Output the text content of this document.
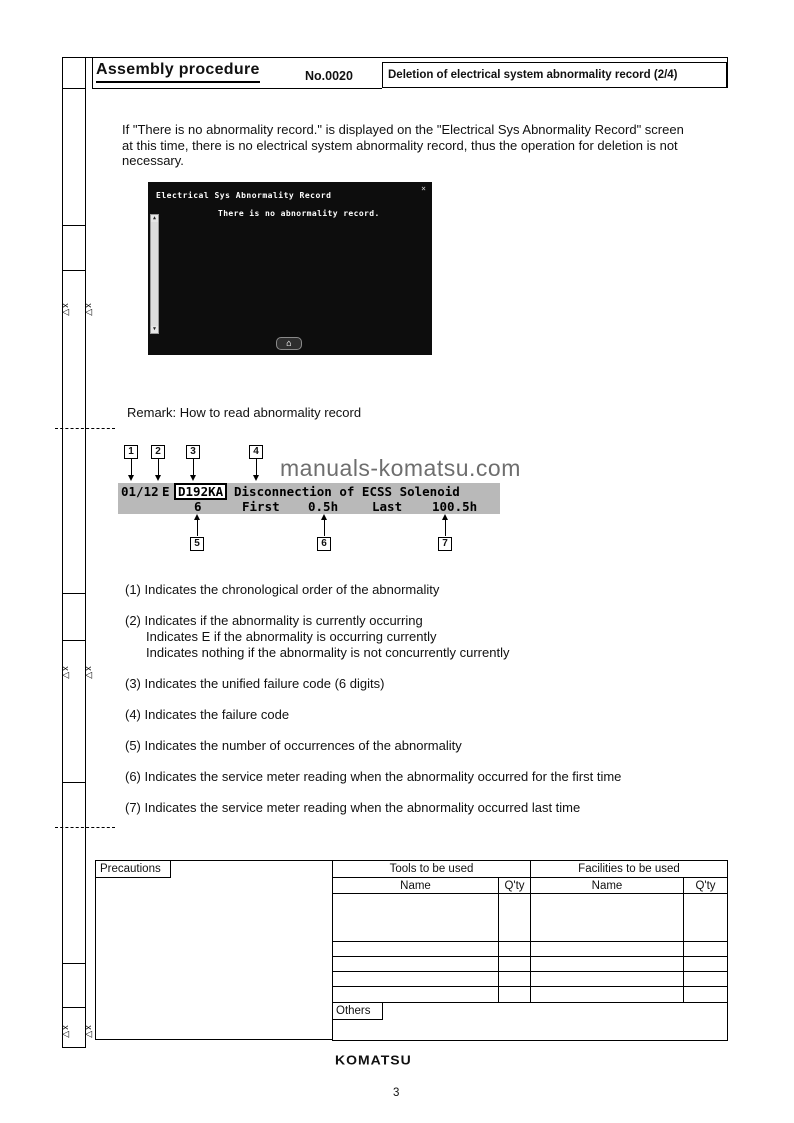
△x	△x
△x	△x
△x	△x
Assembly procedure	No.0020	Deletion of electrical system abnormality record (2/4)
If "There is no abnormality record." is displayed on the "Electrical Sys Abnormality Record" screen at this time, there is no electrical system abnormality record, thus the operation for deletion is not necessary.
Electrical Sys Abnormality Record
×
▲
▼
There is no abnormality record.
⌂
Remark: How to read abnormality record
manuals-komatsu.com
1	2	3	4
01/12 E D192KA Disconnection of ECSS Solenoid
6	First 0.5h	Last 100.5h
5	6	7
(1) Indicates the chronological order of the abnormality
(2) Indicates if the abnormality is currently occurring
Indicates E if the abnormality is occurring currently
Indicates nothing if the abnormality is not concurrently currently
(3) Indicates the unified failure code (6 digits)
(4) Indicates the failure code
(5) Indicates the number of occurrences of the abnormality
(6) Indicates the service meter reading when the abnormality occurred for the first time
(7) Indicates the service meter reading when the abnormality occurred last time
Precautions	Tools to be used	Facilities to be used
Name	Q'ty	Name	Q'ty
Others
KOMATSU
3
